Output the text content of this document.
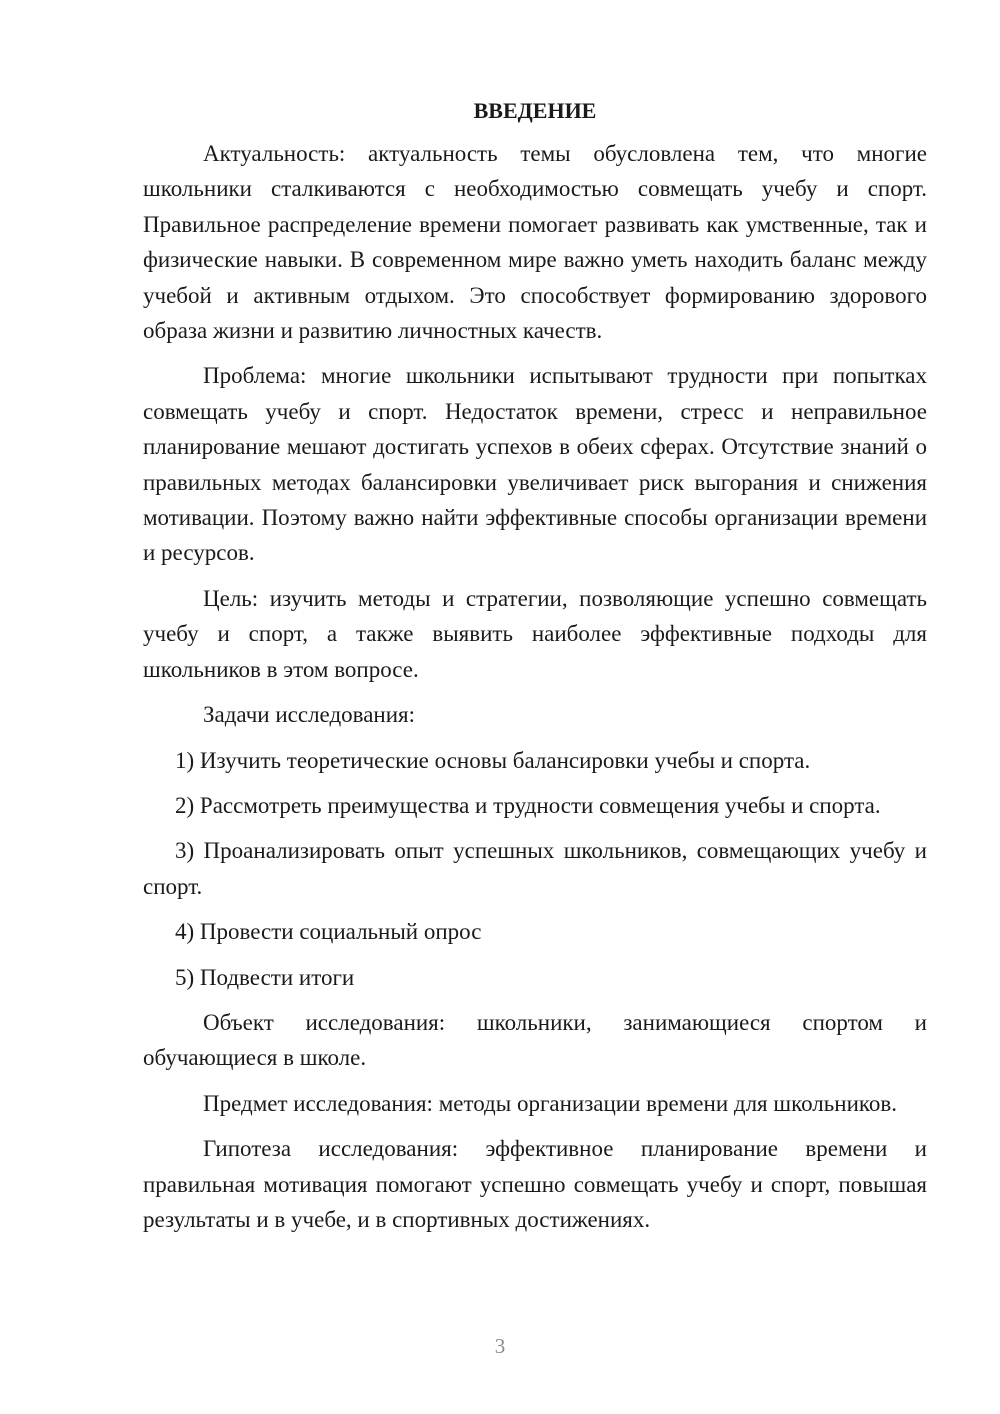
ВВЕДЕНИЕ

Актуальность: актуальность темы обусловлена тем, что многие школьники сталкиваются с необходимостью совмещать учебу и спорт. Правильное распределение времени помогает развивать как умственные, так и физические навыки. В современном мире важно уметь находить баланс между учебой и активным отдыхом. Это способствует формированию здорового образа жизни и развитию личностных качеств.

Проблема: многие школьники испытывают трудности при попытках совмещать учебу и спорт. Недостаток времени, стресс и неправильное планирование мешают достигать успехов в обеих сферах. Отсутствие знаний о правильных методах балансировки увеличивает риск выгорания и снижения мотивации. Поэтому важно найти эффективные способы организации времени и ресурсов.

Цель: изучить методы и стратегии, позволяющие успешно совмещать учебу и спорт, а также выявить наиболее эффективные подходы для школьников в этом вопросе.

Задачи исследования:

1) Изучить теоретические основы балансировки учебы и спорта.

2) Рассмотреть преимущества и трудности совмещения учебы и спорта.

3) Проанализировать опыт успешных школьников, совмещающих учебу и спорт.

4) Провести социальный опрос

5) Подвести итоги

Объект исследования: школьники, занимающиеся спортом и обучающиеся в школе.

Предмет исследования: методы организации времени для школьников.

Гипотеза исследования: эффективное планирование времени и правильная мотивация помогают успешно совмещать учебу и спорт, повышая результаты и в учебе, и в спортивных достижениях.

3
